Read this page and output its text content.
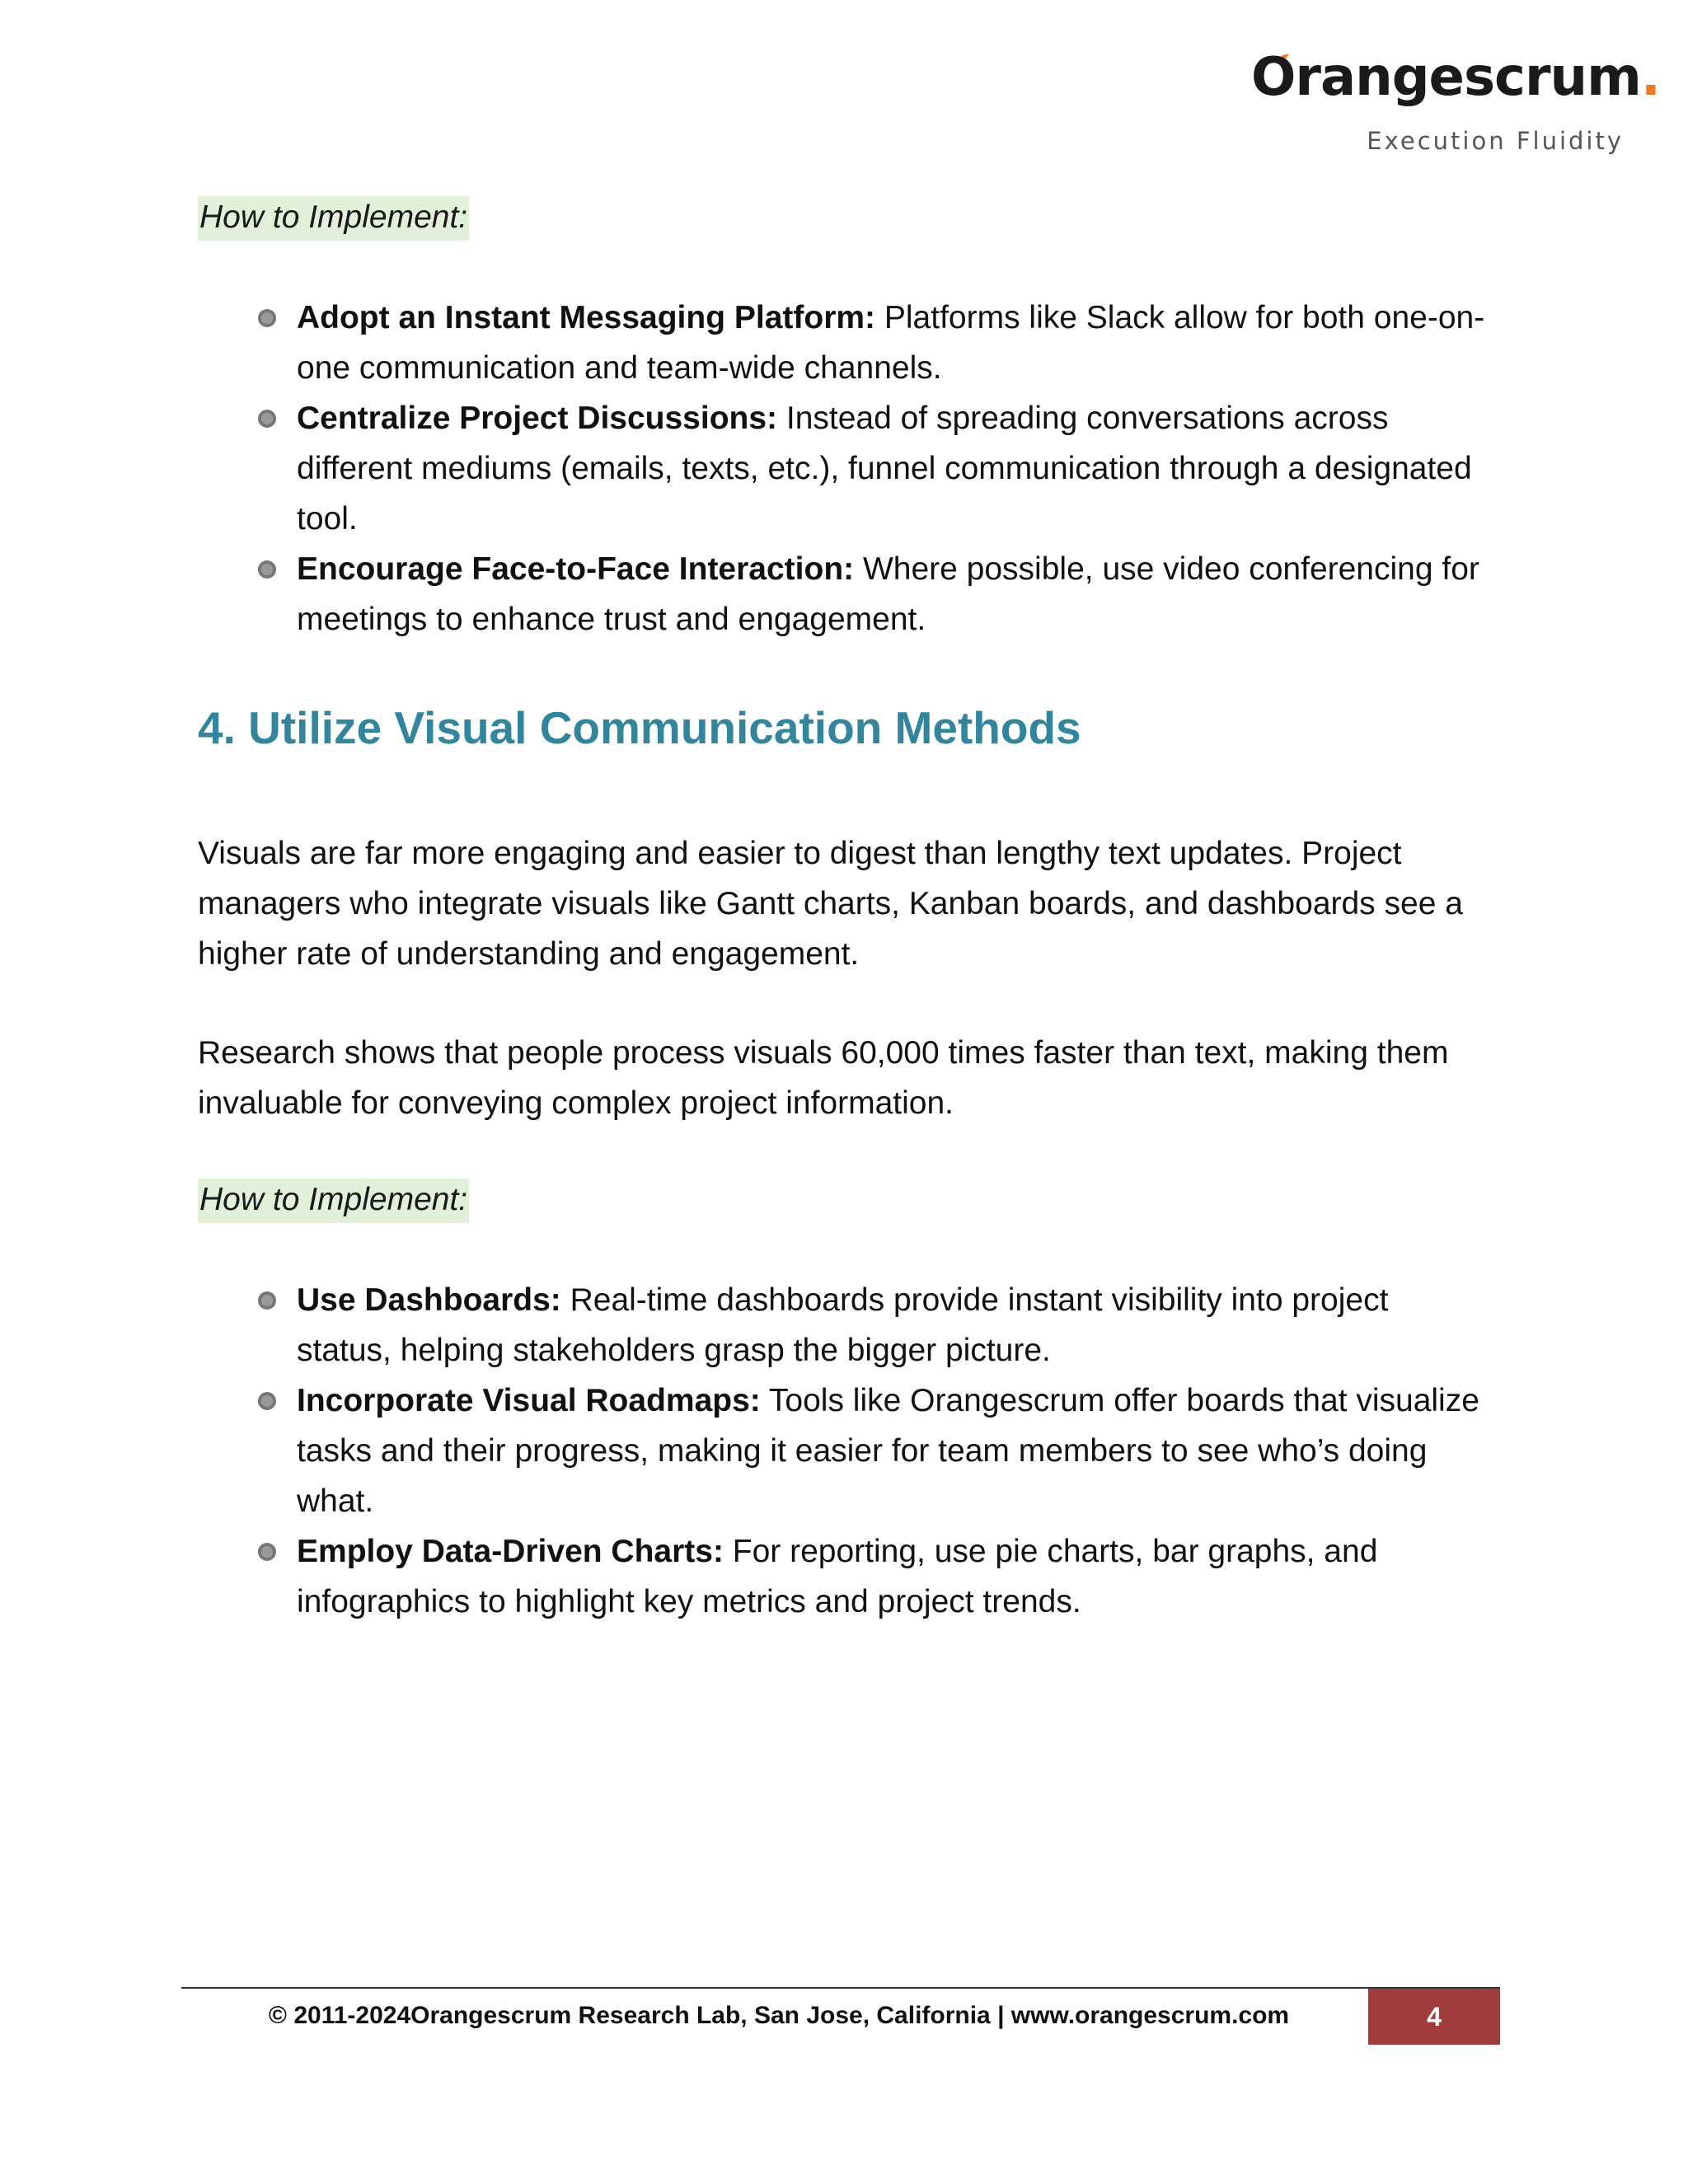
Orangescrum.
Execution Fluidity
How to Implement:
Adopt an Instant Messaging Platform: Platforms like Slack allow for both one-on-one communication and team-wide channels.
Centralize Project Discussions: Instead of spreading conversations across different mediums (emails, texts, etc.), funnel communication through a designated tool.
Encourage Face-to-Face Interaction: Where possible, use video conferencing for meetings to enhance trust and engagement.
4. Utilize Visual Communication Methods

Visuals are far more engaging and easier to digest than lengthy text updates. Project managers who integrate visuals like Gantt charts, Kanban boards, and dashboards see a higher rate of understanding and engagement.

Research shows that people process visuals 60,000 times faster than text, making them invaluable for conveying complex project information.

How to Implement:
Use Dashboards: Real-time dashboards provide instant visibility into project status, helping stakeholders grasp the bigger picture.
Incorporate Visual Roadmaps: Tools like Orangescrum offer boards that visualize tasks and their progress, making it easier for team members to see who’s doing what.
Employ Data-Driven Charts: For reporting, use pie charts, bar graphs, and infographics to highlight key metrics and project trends.
© 2011-2024Orangescrum Research Lab, San Jose, California | www.orangescrum.com	4
